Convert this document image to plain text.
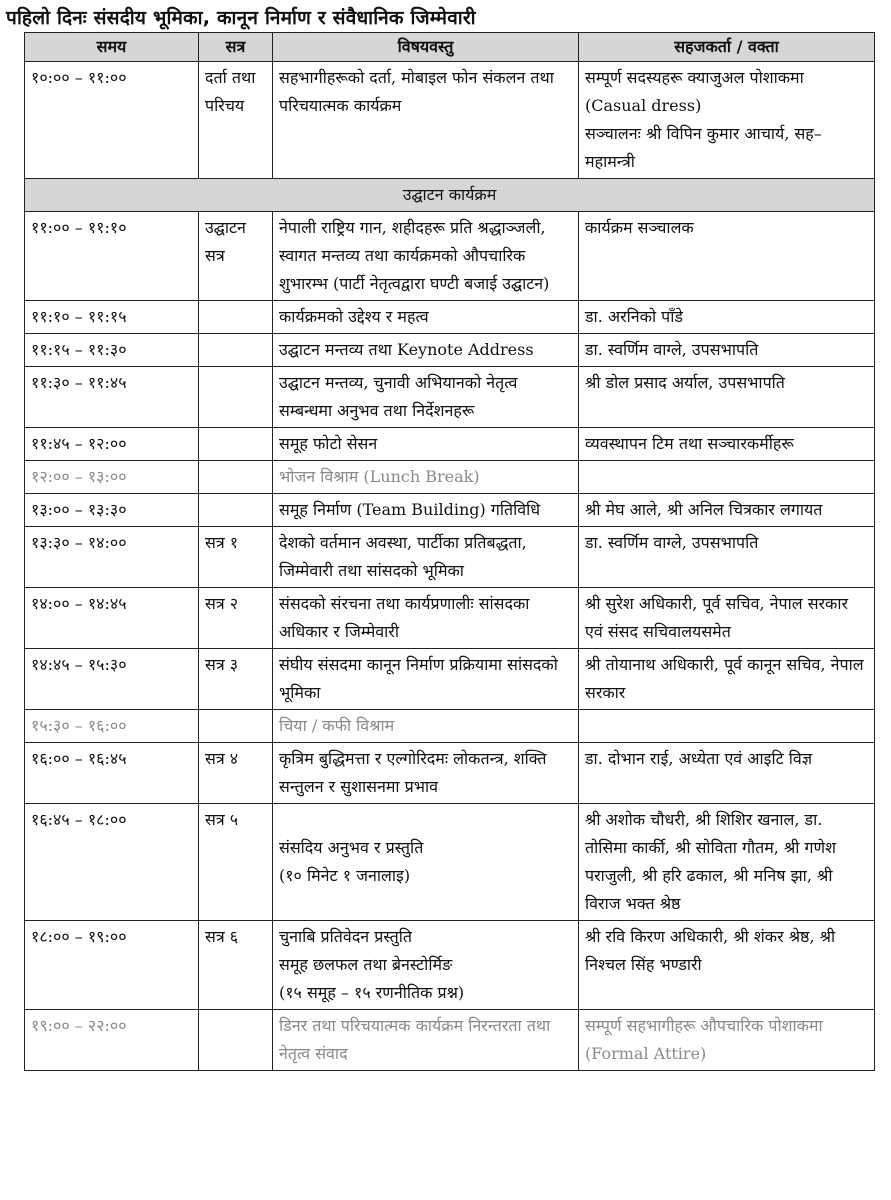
पहिलो दिनः संसदीय भूमिका, कानून निर्माण र संवैधानिक जिम्मेवारी
समय	सत्र	विषयवस्तु	सहजकर्ता / वक्ता
१०:०० – ११:००	दर्ता तथा परिचय	सहभागीहरूको दर्ता, मोबाइल फोन संकलन तथा परिचयात्मक कार्यक्रम	सम्पूर्ण सदस्यहरू क्याजुअल पोशाकमा
(Casual dress)
सञ्चालनः श्री विपिन कुमार आचार्य, सह–महामन्त्री

उद्घाटन कार्यक्रम			
११:०० – ११:१०	उद्घाटन सत्र	नेपाली राष्ट्रिय गान, शहीदहरू प्रति श्रद्धाञ्जली, स्वागत मन्तव्य तथा कार्यक्रमको औपचारिक शुभारम्भ (पार्टी नेतृत्वद्वारा घण्टी बजाई उद्घाटन)	कार्यक्रम सञ्चालक
११:१० – ११:१५		कार्यक्रमको उद्देश्य र महत्व	डा. अरनिको पाँडे
११:१५ – ११:३०		उद्घाटन मन्तव्य तथा Keynote Address	डा. स्वर्णिम वाग्ले, उपसभापति
११:३० – ११:४५		उद्घाटन मन्तव्य, चुनावी अभियानको नेतृत्व सम्बन्धमा अनुभव तथा निर्देशनहरू	श्री डोल प्रसाद अर्याल, उपसभापति
११:४५ – १२:००		समूह फोटो सेसन	व्यवस्थापन टिम तथा सञ्चारकर्मीहरू
१२:०० – १३:००		भोजन विश्राम (Lunch Break)	
१३:०० – १३:३०		समूह निर्माण (Team Building) गतिविधि	श्री मेघ आले, श्री अनिल चित्रकार लगायत
१३:३० – १४:००	सत्र १	देशको वर्तमान अवस्था, पार्टीका प्रतिबद्धता, जिम्मेवारी तथा सांसदको भूमिका	डा. स्वर्णिम वाग्ले, उपसभापति
१४:०० – १४:४५	सत्र २	संसदको संरचना तथा कार्यप्रणालीः सांसदका अधिकार र जिम्मेवारी	श्री सुरेश अधिकारी, पूर्व सचिव, नेपाल सरकार एवं संसद सचिवालयसमेत
१४:४५ – १५:३०	सत्र ३	संघीय संसदमा कानून निर्माण प्रक्रियामा सांसदको भूमिका	श्री तोयानाथ अधिकारी, पूर्व कानून सचिव, नेपाल सरकार
१५:३० – १६:००		चिया / कफी विश्राम	
१६:०० – १६:४५	सत्र ४	कृत्रिम बुद्धिमत्ता र एल्गोरिदमः लोकतन्त्र, शक्ति सन्तुलन र सुशासनमा प्रभाव	डा. दोभान राई, अध्येता एवं आइटि विज्ञ
१६:४५ – १८:००	सत्र ५	संसदिय अनुभव र प्रस्तुति
(१० मिनेट १ जनालाइ)	श्री अशोक चौधरी, श्री शिशिर खनाल, डा. तोसिमा कार्की, श्री सोविता गौतम, श्री गणेश पराजुली, श्री हरि ढकाल, श्री मनिष झा, श्री विराज भक्त श्रेष्ठ
१८:०० – १९:००	सत्र ६	चुनाबि प्रतिवेदन प्रस्तुति
समूह छलफल तथा ब्रेनस्टोर्मिङ
(१५ समूह – १५ रणनीतिक प्रश्न)	श्री रवि किरण अधिकारी, श्री शंकर श्रेष्ठ, श्री निश्चल सिंह भण्डारी
१९:०० – २२:००		डिनर तथा परिचयात्मक कार्यक्रम निरन्तरता तथा नेतृत्व संवाद	सम्पूर्ण सहभागीहरू औपचारिक पोशाकमा
(Formal Attire)
